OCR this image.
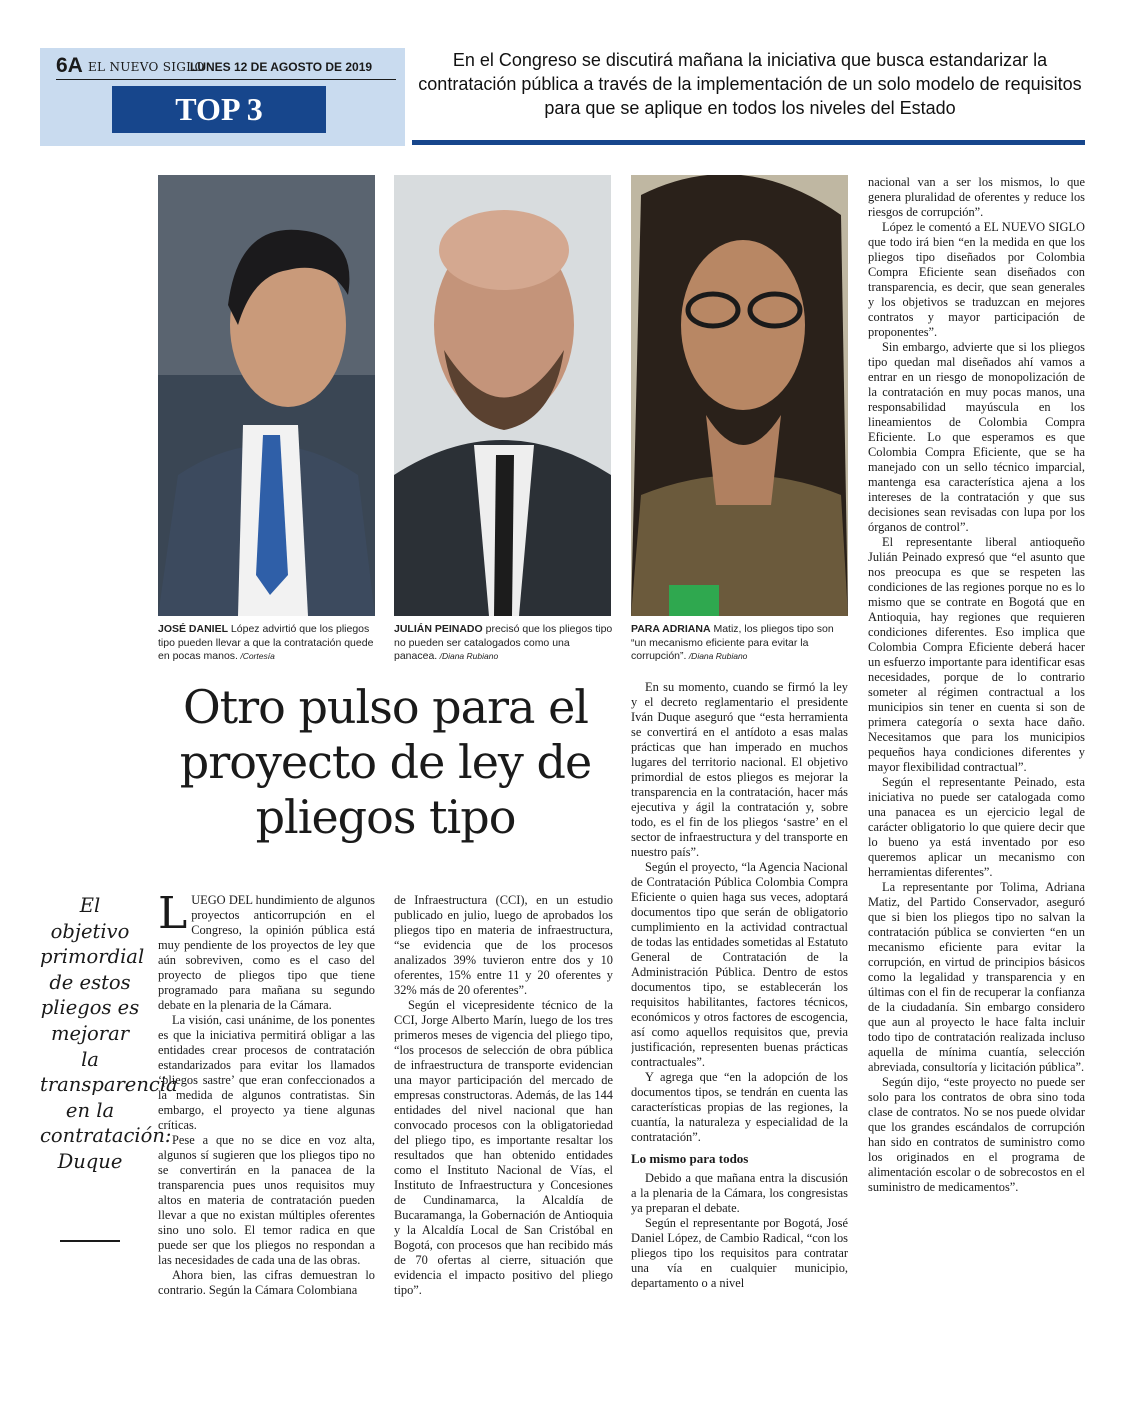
6A EL NUEVO SIGLO
LUNES 12 DE AGOSTO DE 2019
TOP 3
En el Congreso se discutirá mañana la iniciativa que busca estandarizar la contratación pública a través de la implementación de un solo modelo de requisitos para que se aplique en todos los niveles del Estado
JOSÉ DANIEL López advirtió que los pliegos tipo pueden llevar a que la contratación quede en pocas manos. /Cortesía
JULIÁN PEINADO precisó que los pliegos tipo no pueden ser catalogados como una panacea. /Diana Rubiano
PARA ADRIANA Matiz, los pliegos tipo son “un mecanismo eficiente para evitar la corrupción”. /Diana Rubiano
Otro pulso para el proyecto de ley de pliegos tipo
El objetivo primordial de estos pliegos es mejorar la transparencia en la contratación: Duque

LUEGO DEL hundimiento de algunos proyectos anticorrupción en el Congreso, la opinión pública está muy pendiente de los proyectos de ley que aún sobreviven, como es el caso del proyecto de pliegos tipo que tiene programado para mañana su segundo debate en la plenaria de la Cámara.

La visión, casi unánime, de los ponentes es que la iniciativa permitirá obligar a las entidades crear procesos de contratación estandarizados para evitar los llamados ‘pliegos sastre’ que eran confeccionados a la medida de algunos contratistas. Sin embargo, el proyecto ya tiene algunas críticas.

Pese a que no se dice en voz alta, algunos sí sugieren que los pliegos tipo no se convertirán en la panacea de la transparencia pues unos requisitos muy altos en materia de contratación pueden llevar a que no existan múltiples oferentes sino uno solo. El temor radica en que puede ser que los pliegos no respondan a las necesidades de cada una de las obras.

Ahora bien, las cifras demuestran lo contrario. Según la Cámara Colombiana

de Infraestructura (CCI), en un estudio publicado en julio, luego de aprobados los pliegos tipo en materia de infraestructura, “se evidencia que de los procesos analizados 39% tuvieron entre dos y 10 oferentes, 15% entre 11 y 20 oferentes y 32% más de 20 oferentes”.

Según el vicepresidente técnico de la CCI, Jorge Alberto Marín, luego de los tres primeros meses de vigencia del pliego tipo, “los procesos de selección de obra pública de infraestructura de transporte evidencian una mayor participación del mercado de empresas constructoras. Además, de las 144 entidades del nivel nacional que han convocado procesos con la obligatoriedad del pliego tipo, es importante resaltar los resultados que han obtenido entidades como el Instituto Nacional de Vías, el Instituto de Infraestructura y Concesiones de Cundinamarca, la Alcaldía de Bucaramanga, la Gobernación de Antioquia y la Alcaldía Local de San Cristóbal en Bogotá, con procesos que han recibido más de 70 ofertas al cierre, situación que evidencia el impacto positivo del pliego tipo”.

En su momento, cuando se firmó la ley y el decreto reglamentario el presidente Iván Duque aseguró que “esta herramienta se convertirá en el antídoto a esas malas prácticas que han imperado en muchos lugares del territorio nacional. El objetivo primordial de estos pliegos es mejorar la transparencia en la contratación, hacer más ejecutiva y ágil la contratación y, sobre todo, es el fin de los pliegos ‘sastre’ en el sector de infraestructura y del transporte en nuestro país”.

Según el proyecto, “la Agencia Nacional de Contratación Pública Colombia Compra Eficiente o quien haga sus veces, adoptará documentos tipo que serán de obligatorio cumplimiento en la actividad contractual de todas las entidades sometidas al Estatuto General de Contratación de la Administración Pública. Dentro de estos documentos tipo, se establecerán los requisitos habilitantes, factores técnicos, económicos y otros factores de escogencia, así como aquellos requisitos que, previa justificación, representen buenas prácticas contractuales”.

Y agrega que “en la adopción de los documentos tipos, se tendrán en cuenta las características propias de las regiones, la cuantía, la naturaleza y especialidad de la contratación”.

Lo mismo para todos

Debido a que mañana entra la discusión a la plenaria de la Cámara, los congresistas ya preparan el debate.

Según el representante por Bogotá, José Daniel López, de Cambio Radical, “con los pliegos tipo los requisitos para contratar una vía en cualquier municipio, departamento o a nivel

nacional van a ser los mismos, lo que genera pluralidad de oferentes y reduce los riesgos de corrupción”.

López le comentó a EL NUEVO SIGLO que todo irá bien “en la medida en que los pliegos tipo diseñados por Colombia Compra Eficiente sean diseñados con transparencia, es decir, que sean generales y los objetivos se traduzcan en mejores contratos y mayor participación de proponentes”.

Sin embargo, advierte que si los pliegos tipo quedan mal diseñados ahí vamos a entrar en un riesgo de monopolización de la contratación en muy pocas manos, una responsabilidad mayúscula en los lineamientos de Colombia Compra Eficiente. Lo que esperamos es que Colombia Compra Eficiente, que se ha manejado con un sello técnico imparcial, mantenga esa característica ajena a los intereses de la contratación y que sus decisiones sean revisadas con lupa por los órganos de control”.

El representante liberal antioqueño Julián Peinado expresó que “el asunto que nos preocupa es que se respeten las condiciones de las regiones porque no es lo mismo que se contrate en Bogotá que en Antioquia, hay regiones que requieren condiciones diferentes. Eso implica que Colombia Compra Eficiente deberá hacer un esfuerzo importante para identificar esas necesidades, porque de lo contrario someter al régimen contractual a los municipios sin tener en cuenta si son de primera categoría o sexta hace daño. Necesitamos que para los municipios pequeños haya condiciones diferentes y mayor flexibilidad contractual”.

Según el representante Peinado, esta iniciativa no puede ser catalogada como una panacea es un ejercicio legal de carácter obligatorio lo que quiere decir que lo bueno ya está inventado por eso queremos aplicar un mecanismo con herramientas diferentes”.

La representante por Tolima, Adriana Matiz, del Partido Conservador, aseguró que si bien los pliegos tipo no salvan la contratación pública se convierten “en un mecanismo eficiente para evitar la corrupción, en virtud de principios básicos como la legalidad y transparencia y en últimas con el fin de recuperar la confianza de la ciudadanía. Sin embargo considero que aun al proyecto le hace falta incluir todo tipo de contratación realizada incluso aquella de mínima cuantía, selección abreviada, consultoría y licitación pública”.

Según dijo, “este proyecto no puede ser solo para los contratos de obra sino toda clase de contratos. No se nos puede olvidar que los grandes escándalos de corrupción han sido en contratos de suministro como los originados en el programa de alimentación escolar o de sobrecostos en el suministro de medicamentos”.
